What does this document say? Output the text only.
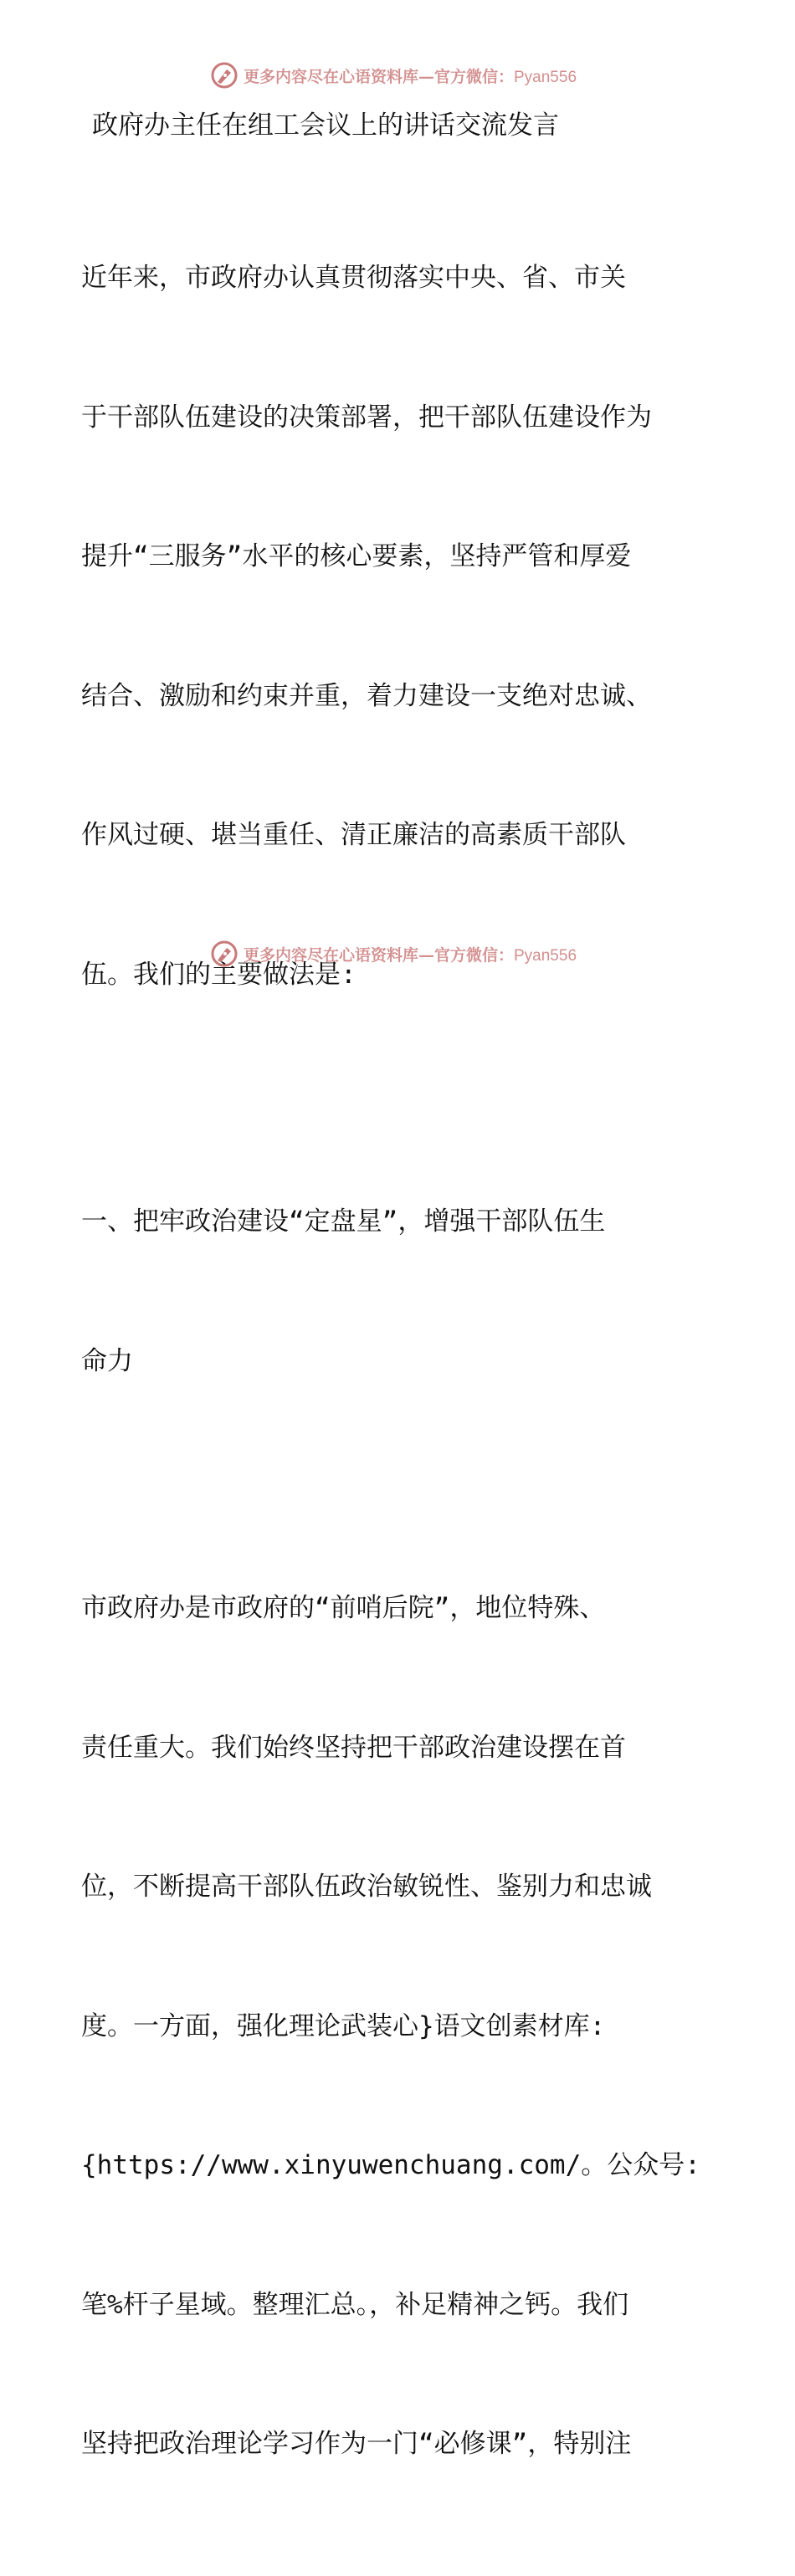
更多内容尽在心语资料库—官方微信：Pyan556
政府办主任在组工会议上的讲话交流发言

近年来，市政府办认真贯彻落实中央、省、市关

于干部队伍建设的决策部署，把干部队伍建设作为

提升“三服务”水平的核心要素，坚持严管和厚爱

结合、激励和约束并重，着力建设一支绝对忠诚、

作风过硬、堪当重任、清正廉洁的高素质干部队

伍。我们的主要做法是:

一、把牢政治建设“定盘星”，增强干部队伍生

命力

市政府办是市政府的“前哨后院”，地位特殊、

责任重大。我们始终坚持把干部政治建设摆在首

位，不断提高干部队伍政治敏锐性、鉴别力和忠诚

度。一方面，强化理论武装心}语文创素材库:

{https://www.xinyuwenchuang.com/。公众号:

笔%杆子星域。整理汇总。，补足精神之钙。我们

坚持把政治理论学习作为一门“必修课”，特别注

更多内容尽在心语资料库—官方微信：Pyan556
